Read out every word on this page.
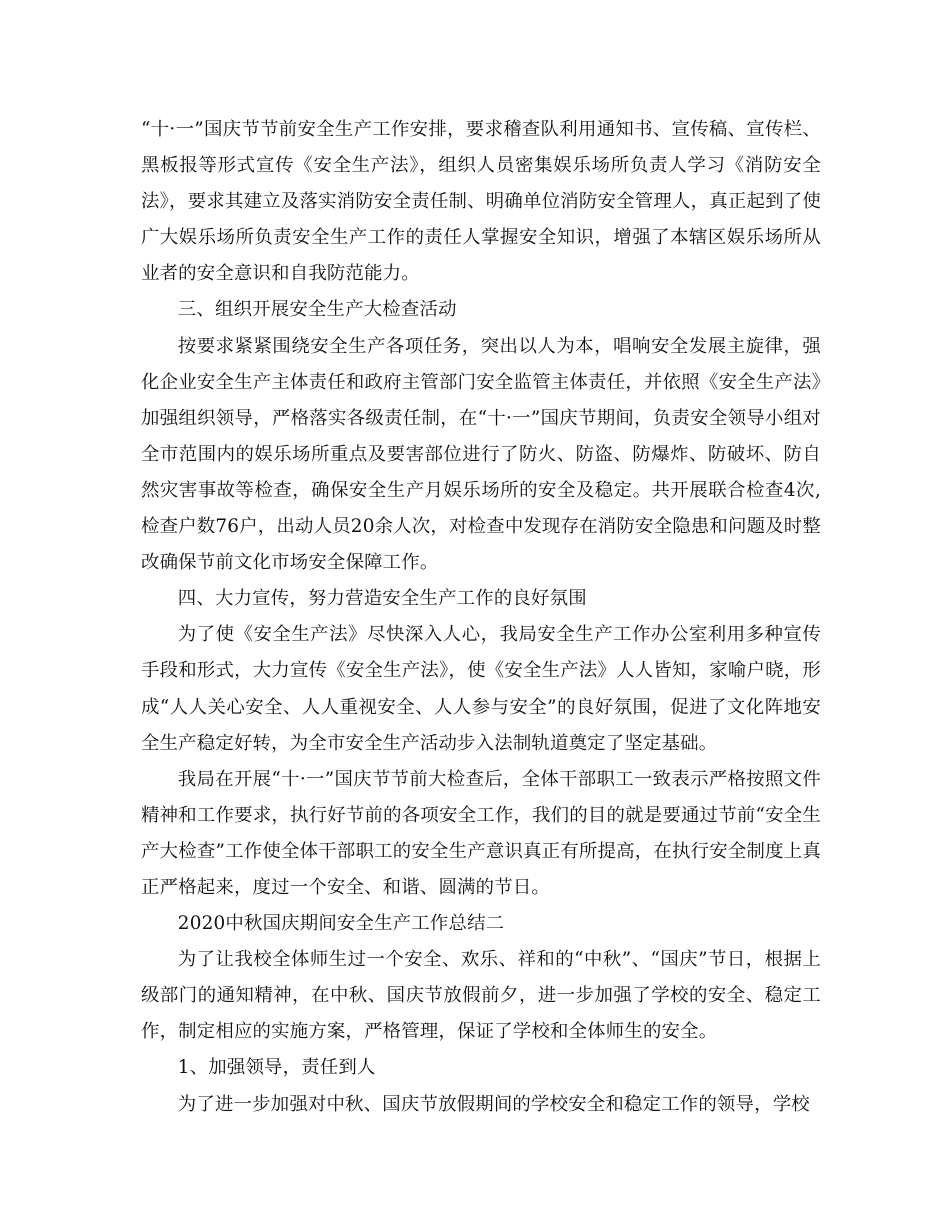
“十·一”国庆节节前安全生产工作安排，要求稽查队利用通知书、宣传稿、宣传栏、黑板报等形式宣传《安全生产法》，组织人员密集娱乐场所负责人学习《消防安全法》，要求其建立及落实消防安全责任制、明确单位消防安全管理人，真正起到了使广大娱乐场所负责安全生产工作的责任人掌握安全知识，增强了本辖区娱乐场所从业者的安全意识和自我防范能力。

三、组织开展安全生产大检查活动

按要求紧紧围绕安全生产各项任务，突出以人为本，唱响安全发展主旋律，强化企业安全生产主体责任和政府主管部门安全监管主体责任，并依照《安全生产法》加强组织领导，严格落实各级责任制，在“十·一”国庆节期间，负责安全领导小组对全市范围内的娱乐场所重点及要害部位进行了防火、防盗、防爆炸、防破坏、防自然灾害事故等检查，确保安全生产月娱乐场所的安全及稳定。共开展联合检查4次,检查户数76户，出动人员20余人次，对检查中发现存在消防安全隐患和问题及时整改确保节前文化市场安全保障工作。

四、大力宣传，努力营造安全生产工作的良好氛围

为了使《安全生产法》尽快深入人心，我局安全生产工作办公室利用多种宣传手段和形式，大力宣传《安全生产法》，使《安全生产法》人人皆知，家喻户晓，形成“人人关心安全、人人重视安全、人人参与安全”的良好氛围，促进了文化阵地安全生产稳定好转，为全市安全生产活动步入法制轨道奠定了坚定基础。

我局在开展“十·一”国庆节节前大检查后，全体干部职工一致表示严格按照文件精神和工作要求，执行好节前的各项安全工作，我们的目的就是要通过节前“安全生产大检查”工作使全体干部职工的安全生产意识真正有所提高，在执行安全制度上真正严格起来，度过一个安全、和谐、圆满的节日。

2020中秋国庆期间安全生产工作总结二

为了让我校全体师生过一个安全、欢乐、祥和的“中秋”、“国庆”节日，根据上级部门的通知精神，在中秋、国庆节放假前夕，进一步加强了学校的安全、稳定工作，制定相应的实施方案，严格管理，保证了学校和全体师生的安全。

1、加强领导，责任到人

为了进一步加强对中秋、国庆节放假期间的学校安全和稳定工作的领导，学校
